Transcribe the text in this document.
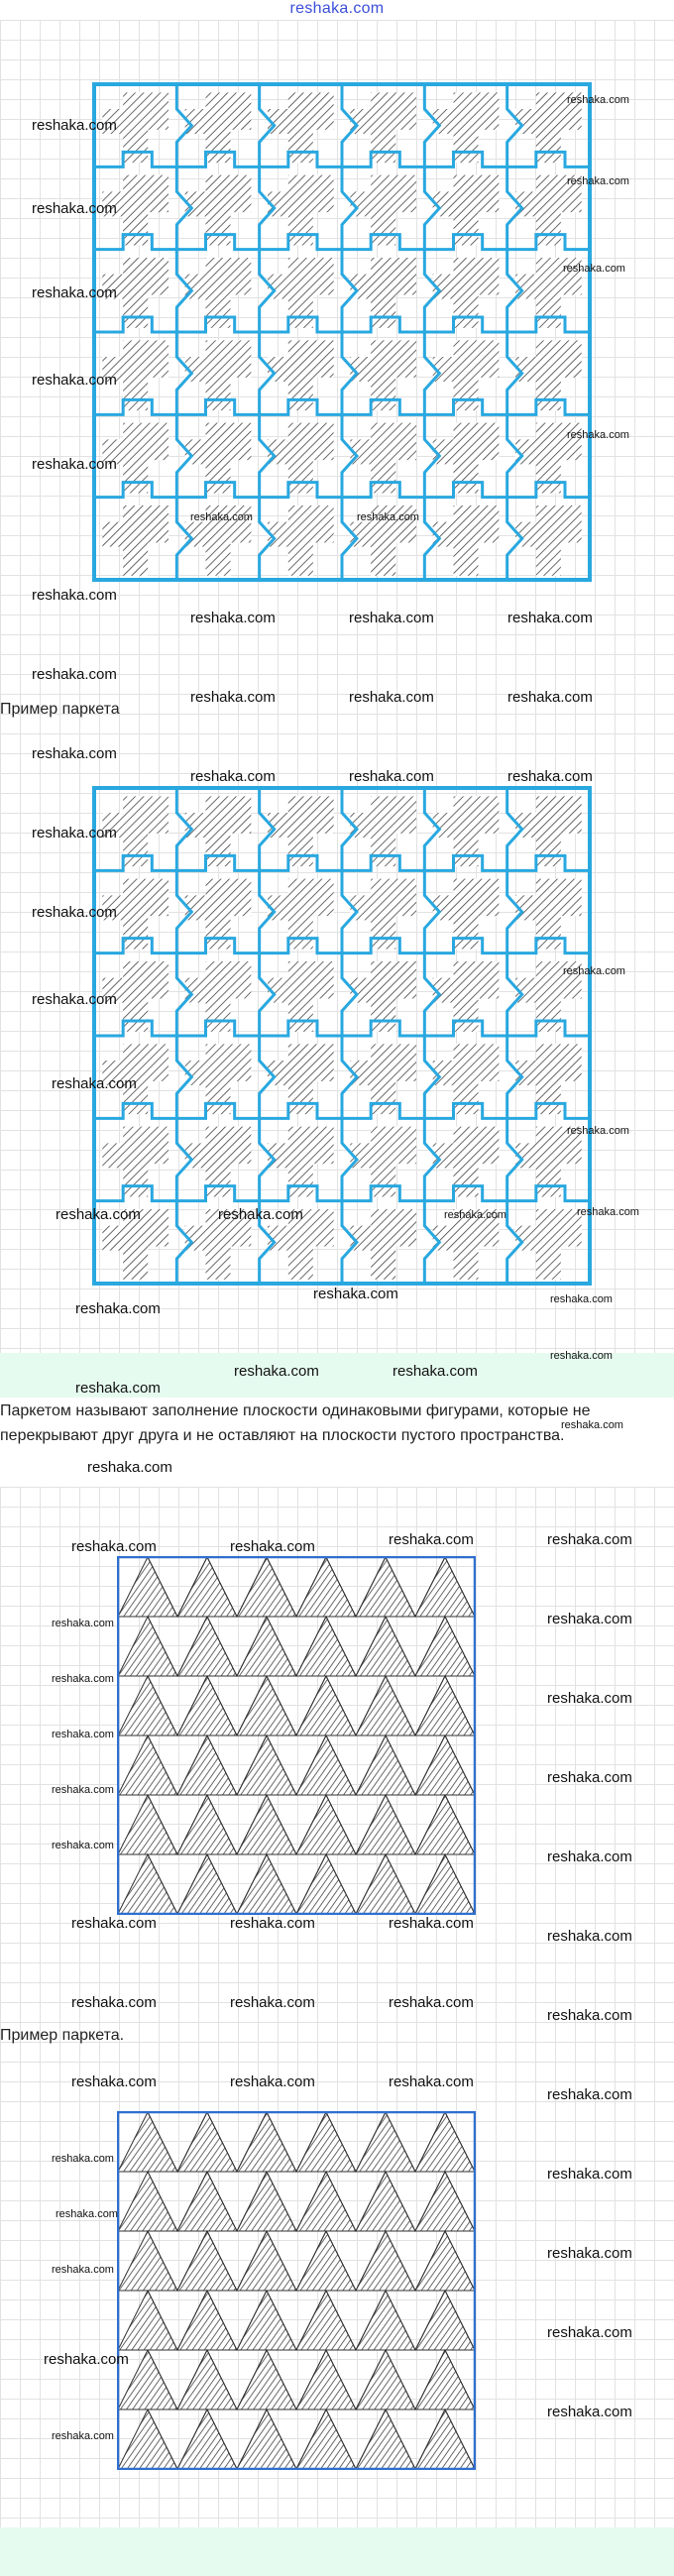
reshaka.com
Пример паркета
Паркетом называют заполнение плоскости одинаковыми фигурами, которые не перекрывают друг друга и не оставляют на плоскости пустого пространства.
Пример паркета.
reshaka.com
reshaka.com
reshaka.com
reshaka.com
reshaka.com
reshaka.com
reshaka.com
reshaka.com
reshaka.com
reshaka.com
reshaka.com	reshaka.com
reshaka.com	reshaka.com	reshaka.com
reshaka.com
reshaka.com	reshaka.com	reshaka.com
reshaka.com
reshaka.com	reshaka.com	reshaka.com
reshaka.com
reshaka.com
reshaka.com
reshaka.com
reshaka.com	reshaka.com	reshaka.com	reshaka.com
reshaka.com
reshaka.com
reshaka.com
reshaka.com
reshaka.com
reshaka.com
reshaka.com	reshaka.com
reshaka.com
reshaka.com
reshaka.com
reshaka.com	reshaka.com	reshaka.com	reshaka.com
reshaka.com
reshaka.com
reshaka.com
reshaka.com
reshaka.com
reshaka.com
reshaka.com
reshaka.com
reshaka.com
reshaka.com	reshaka.com	reshaka.com
reshaka.com
reshaka.com	reshaka.com	reshaka.com
reshaka.com
reshaka.com	reshaka.com	reshaka.com
reshaka.com
reshaka.com
reshaka.com
reshaka.com
reshaka.com
reshaka.com
reshaka.com
reshaka.com
reshaka.com
reshaka.com
